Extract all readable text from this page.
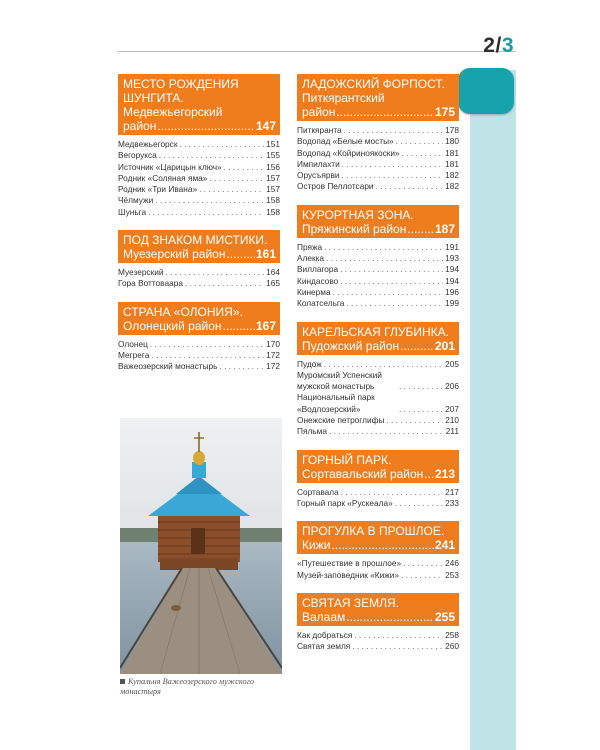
2/3
МЕСТО РОЖДЕНИЯ
ШУНГИТА.
Медвежьегорский
район .....	147
Медвежьегорск . . .	151
Вегорукса . . .	155
Источник «Царицын ключ» . . .	156
Родник «Соляная яма» . . .	157
Родник «Три Ивана» . . .	157
Чёлмужи . . .	158
Шуньга . . .	158
ПОД ЗНАКОМ МИСТИКИ.
Муезерский район .....	161
Муезерский . . .	164
Гора Воттоваара . . .	165
СТРАНА «ОЛОНИЯ».
Олонецкий район .....	167
Олонец . . .	170
Мегрега . . .	172
Важеозерский монастырь . . .	172
ЛАДОЖСКИЙ ФОРПОСТ.
Питкярантский
район .....	175
Питкяранта . . .	178
Водопад «Белые мосты» . . .	180
Водопад «Койриноякоски» . . .	181
Импилахти . . .	181
Орусъярви . . .	182
Остров Пеллотсари . . .	182
КУРОРТНАЯ ЗОНА.
Пряжинский район ..... 187
Пряжа . . .	191
Алекка . . .	193
Виллагора . . .	194
Киндасово . . .	194
Кинерма . . .	196
Колатсельга . . .	199
КАРЕЛЬСКАЯ ГЛУБИНКА.
Пудожский район .....	201
Пудож . . .	205
Муромский Успенский мужской монастырь . . .	206
Национальный парк «Водлозерский» . . .	207
Онежские петроглифы . . .	210
Пяльма . . .	211
ГОРНЫЙ ПАРК.
Сортавальский район ..... 213
Сортавала . . .	217
Горный парк «Рускеала» . . .	233
ПРОГУЛКА В ПРОШЛОЕ.
Кижи .....	241
«Путешествие в прошлое» . . .	246
Музей-заповедник «Кижи» . . .	253
СВЯТАЯ ЗЕМЛЯ.
Валаам .....	255
Как добраться . . .	258
Святая земля . . .	260
Купальня Важеозерского мужского монастыря
